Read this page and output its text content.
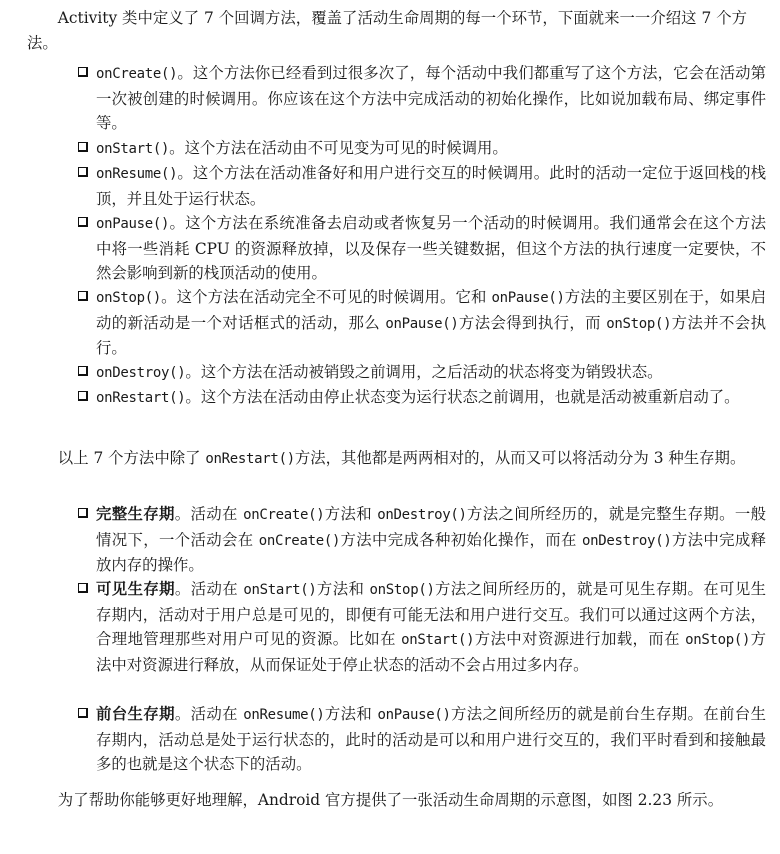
Activity 类中定义了 7 个回调方法，覆盖了活动生命周期的每一个环节，下面就来一一介绍这 7 个方法。

onCreate()。这个方法你已经看到过很多次了，每个活动中我们都重写了这个方法，它会在活动第一次被创建的时候调用。你应该在这个方法中完成活动的初始化操作，比如说加载布局、绑定事件等。

onStart()。这个方法在活动由不可见变为可见的时候调用。

onResume()。这个方法在活动准备好和用户进行交互的时候调用。此时的活动一定位于返回栈的栈顶，并且处于运行状态。

onPause()。这个方法在系统准备去启动或者恢复另一个活动的时候调用。我们通常会在这个方法中将一些消耗 CPU 的资源释放掉，以及保存一些关键数据，但这个方法的执行速度一定要快，不然会影响到新的栈顶活动的使用。

onStop()。这个方法在活动完全不可见的时候调用。它和 onPause()方法的主要区别在于，如果启动的新活动是一个对话框式的活动，那么 onPause()方法会得到执行，而 onStop()方法并不会执行。

onDestroy()。这个方法在活动被销毁之前调用，之后活动的状态将变为销毁状态。

onRestart()。这个方法在活动由停止状态变为运行状态之前调用，也就是活动被重新启动了。

以上 7 个方法中除了 onRestart()方法，其他都是两两相对的，从而又可以将活动分为 3 种生存期。

完整生存期。活动在 onCreate()方法和 onDestroy()方法之间所经历的，就是完整生存期。一般情况下，一个活动会在 onCreate()方法中完成各种初始化操作，而在 onDestroy()方法中完成释放内存的操作。

可见生存期。活动在 onStart()方法和 onStop()方法之间所经历的，就是可见生存期。在可见生存期内，活动对于用户总是可见的，即便有可能无法和用户进行交互。我们可以通过这两个方法，合理地管理那些对用户可见的资源。比如在 onStart()方法中对资源进行加载，而在 onStop()方法中对资源进行释放，从而保证处于停止状态的活动不会占用过多内存。

前台生存期。活动在 onResume()方法和 onPause()方法之间所经历的就是前台生存期。在前台生存期内，活动总是处于运行状态的，此时的活动是可以和用户进行交互的，我们平时看到和接触最多的也就是这个状态下的活动。

为了帮助你能够更好地理解，Android 官方提供了一张活动生命周期的示意图，如图 2.23 所示。
